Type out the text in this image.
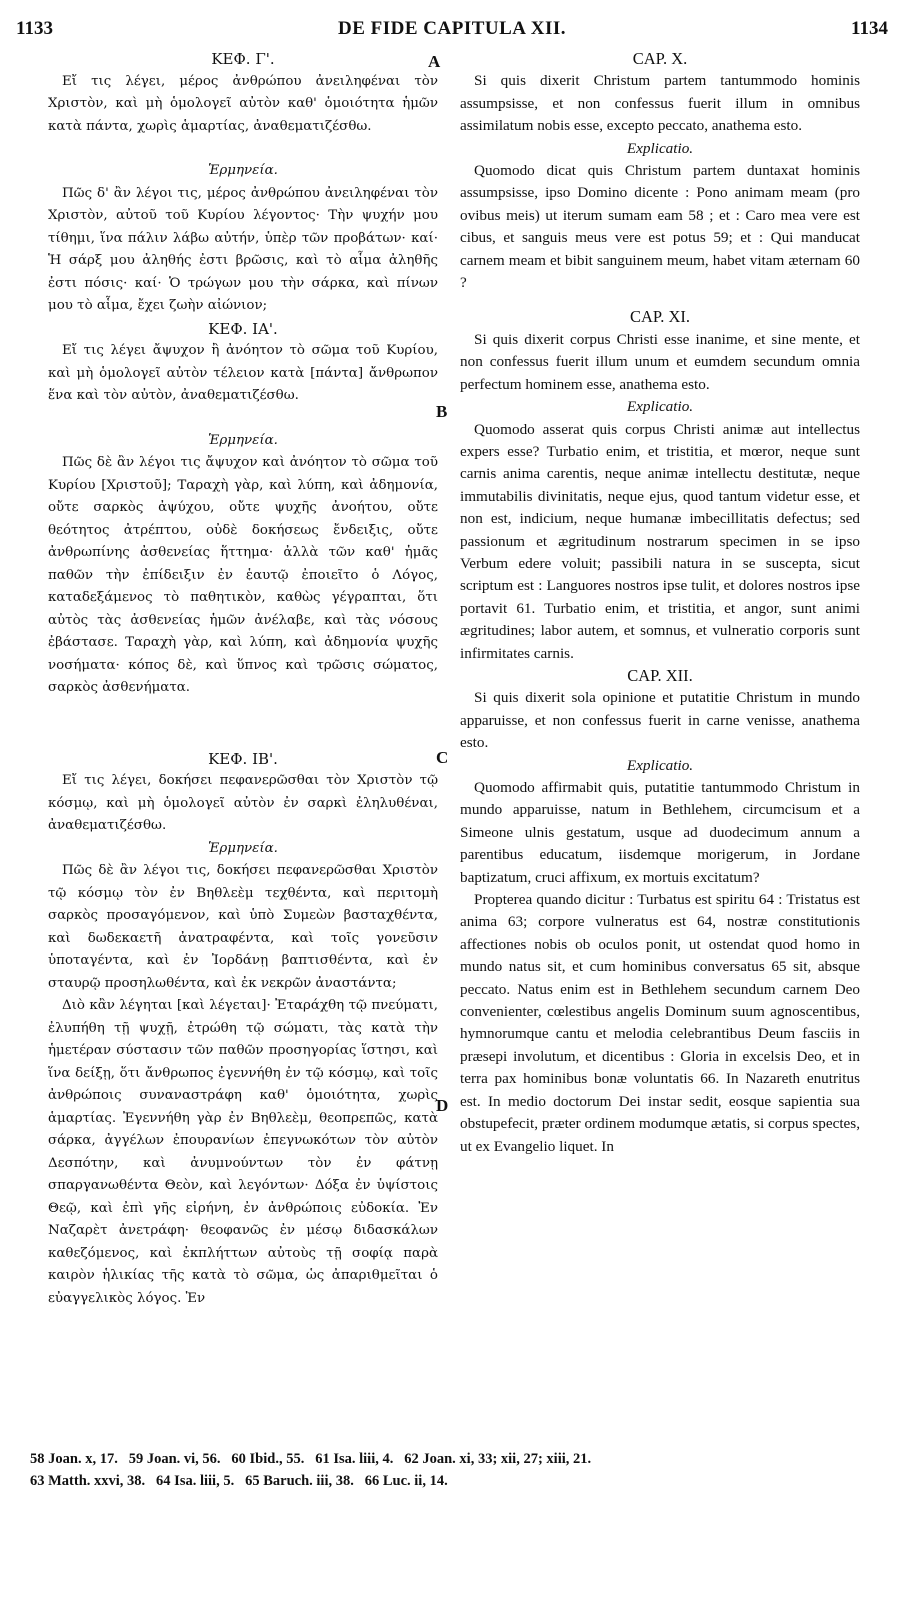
1133	DE FIDE CAPITULA XII.	1134
A
B
C
D

ΚΕΦ. Γ'.

Εἴ τις λέγει, μέρος ἀνθρώπου ἀνειληφέναι τὸν Χριστὸν, καὶ μὴ ὁμολογεῖ αὐτὸν καθ' ὁμοιότητα ἡμῶν κατὰ πάντα, χωρὶς ἁμαρτίας, ἀναθεματιζέσθω.

Ἑρμηνεία.

Πῶς δ' ἂν λέγοι τις, μέρος ἀνθρώπου ἀνειληφέναι τὸν Χριστὸν, αὐτοῦ τοῦ Κυρίου λέγοντος· Τὴν ψυχήν μου τίθημι, ἵνα πάλιν λάβω αὐτήν, ὑπὲρ τῶν προβάτων· καί· Ἡ σάρξ μου ἀληθής ἐστι βρῶσις, καὶ τὸ αἷμα ἀληθῆς ἐστι πόσις· καί· Ὁ τρώγων μου τὴν σάρκα, καὶ πίνων μου τὸ αἷμα, ἔχει ζωὴν αἰώνιον;

ΚΕΦ. ΙΑ'.

Εἴ τις λέγει ἄψυχον ἢ ἀνόητον τὸ σῶμα τοῦ Κυρίου, καὶ μὴ ὁμολογεῖ αὐτὸν τέλειον κατὰ [πάντα] ἄνθρωπον ἕνα καὶ τὸν αὐτὸν, ἀναθεματιζέσθω.

Ἑρμηνεία.

Πῶς δὲ ἂν λέγοι τις ἄψυχον καὶ ἀνόητον τὸ σῶμα τοῦ Κυρίου [Χριστοῦ]; Ταραχὴ γὰρ, καὶ λύπη, καὶ ἀδημονία, οὔτε σαρκὸς ἀψύχου, οὔτε ψυχῆς ἀνοήτου, οὔτε θεότητος ἀτρέπτου, οὐδὲ δοκήσεως ἔνδειξις, οὔτε ἀνθρωπίνης ἀσθενείας ἥττημα· ἀλλὰ τῶν καθ' ἡμᾶς παθῶν τὴν ἐπίδειξιν ἐν ἑαυτῷ ἐποιεῖτο ὁ Λόγος, καταδεξάμενος τὸ παθητικὸν, καθὼς γέγραπται, ὅτι αὐτὸς τὰς ἀσθενείας ἡμῶν ἀνέλαβε, καὶ τὰς νόσους ἐβάστασε. Ταραχὴ γὰρ, καὶ λύπη, καὶ ἀδημονία ψυχῆς νοσήματα· κόπος δὲ, καὶ ὕπνος καὶ τρῶσις σώματος, σαρκὸς ἀσθενήματα.

ΚΕΦ. ΙΒ'.

Εἴ τις λέγει, δοκήσει πεφανερῶσθαι τὸν Χριστὸν τῷ κόσμῳ, καὶ μὴ ὁμολογεῖ αὐτὸν ἐν σαρκὶ ἐληλυθέναι, ἀναθεματιζέσθω.

Ἑρμηνεία.

Πῶς δὲ ἂν λέγοι τις, δοκήσει πεφανερῶσθαι Χριστὸν τῷ κόσμῳ τὸν ἐν Βηθλεὲμ τεχθέντα, καὶ περιτομὴ σαρκὸς προσαγόμενον, καὶ ὑπὸ Συμεὼν βασταχθέντα, καὶ δωδεκαετῆ ἀνατραφέντα, καὶ τοῖς γονεῦσιν ὑποταγέντα, καὶ ἐν Ἰορδάνῃ βαπτισθέντα, καὶ ἐν σταυρῷ προσηλωθέντα, καὶ ἐκ νεκρῶν ἀναστάντα;

Διὸ κἂν λέγηται [καὶ λέγεται]· Ἐταράχθη τῷ πνεύματι, ἐλυπήθη τῇ ψυχῇ, ἐτρώθη τῷ σώματι, τὰς κατὰ τὴν ἡμετέραν σύστασιν τῶν παθῶν προσηγορίας ἵστησι, καὶ ἵνα δείξῃ, ὅτι ἄνθρωπος ἐγεννήθη ἐν τῷ κόσμῳ, καὶ τοῖς ἀνθρώποις συναναστράφη καθ' ὁμοιότητα, χωρὶς ἁμαρτίας. Ἐγεννήθη γὰρ ἐν Βηθλεὲμ, θεοπρεπῶς, κατὰ σάρκα, ἀγγέλων ἐπουρανίων ἐπεγνωκότων τὸν αὐτὸν Δεσπότην, καὶ ἀνυμνούντων τὸν ἐν φάτνῃ σπαργανωθέντα Θεὸν, καὶ λεγόντων· Δόξα ἐν ὑψίστοις Θεῷ, καὶ ἐπὶ γῆς εἰρήνη, ἐν ἀνθρώποις εὐδοκία. Ἐν Ναζαρὲτ ἀνετράφη· θεοφανῶς ἐν μέσῳ διδασκάλων καθεζόμενος, καὶ ἐκπλήττων αὐτοὺς τῇ σοφίᾳ παρὰ καιρὸν ἡλικίας τῆς κατὰ τὸ σῶμα, ὡς ἀπαριθμεῖται ὁ εὐαγγελικὸς λόγος. Ἐν

CAP. X.

Si quis dixerit Christum partem tantummodo hominis assumpsisse, et non confessus fuerit illum in omnibus assimilatum nobis esse, excepto peccato, anathema esto.

Explicatio.

Quomodo dicat quis Christum partem duntaxat hominis assumpsisse, ipso Domino dicente : Pono animam meam (pro ovibus meis) ut iterum sumam eam 58 ; et : Caro mea vere est cibus, et sanguis meus vere est potus 59; et : Qui manducat carnem meam et bibit sanguinem meum, habet vitam æternam 60 ?

CAP. XI.

Si quis dixerit corpus Christi esse inanime, et sine mente, et non confessus fuerit illum unum et eumdem secundum omnia perfectum hominem esse, anathema esto.

Explicatio.

Quomodo asserat quis corpus Christi animæ aut intellectus expers esse? Turbatio enim, et tristitia, et mœror, neque sunt carnis anima carentis, neque animæ intellectu destitutæ, neque immutabilis divinitatis, neque ejus, quod tantum videtur esse, et non est, indicium, neque humanæ imbecillitatis defectus; sed passionum et ægritudinum nostrarum specimen in se ipso Verbum edere voluit; passibili natura in se suscepta, sicut scriptum est : Languores nostros ipse tulit, et dolores nostros ipse portavit 61. Turbatio enim, et tristitia, et angor, sunt animi ægritudines; labor autem, et somnus, et vulneratio corporis sunt infirmitates carnis.

CAP. XII.

Si quis dixerit sola opinione et putatitie Christum in mundo apparuisse, et non confessus fuerit in carne venisse, anathema esto.

Explicatio.

Quomodo affirmabit quis, putatitie tantummodo Christum in mundo apparuisse, natum in Bethlehem, circumcisum et a Simeone ulnis gestatum, usque ad duodecimum annum a parentibus educatum, iisdemque morigerum, in Jordane baptizatum, cruci affixum, ex mortuis excitatum?

Propterea quando dicitur : Turbatus est spiritu 64 : Tristatus est anima 63; corpore vulneratus est 64, nostræ constitutionis affectiones nobis ob oculos ponit, ut ostendat quod homo in mundo natus sit, et cum hominibus conversatus 65 sit, absque peccato. Natus enim est in Bethlehem secundum carnem Deo convenienter, cœlestibus angelis Dominum suum agnoscentibus, hymnorumque cantu et melodia celebrantibus Deum fasciis in præsepi involutum, et dicentibus : Gloria in excelsis Deo, et in terra pax hominibus bonæ voluntatis 66. In Nazareth enutritus est. In medio doctorum Dei instar sedit, eosque sapientia sua obstupefecit, præter ordinem modumque ætatis, si corpus spectes, ut ex Evangelio liquet. In

58 Joan. x, 17.   59 Joan. vi, 56.   60 Ibid., 55.   61 Isa. liii, 4.   62 Joan. xi, 33; xii, 27; xiii, 21.
63 Matth. xxvi, 38.   64 Isa. liii, 5.   65 Baruch. iii, 38.   66 Luc. ii, 14.
